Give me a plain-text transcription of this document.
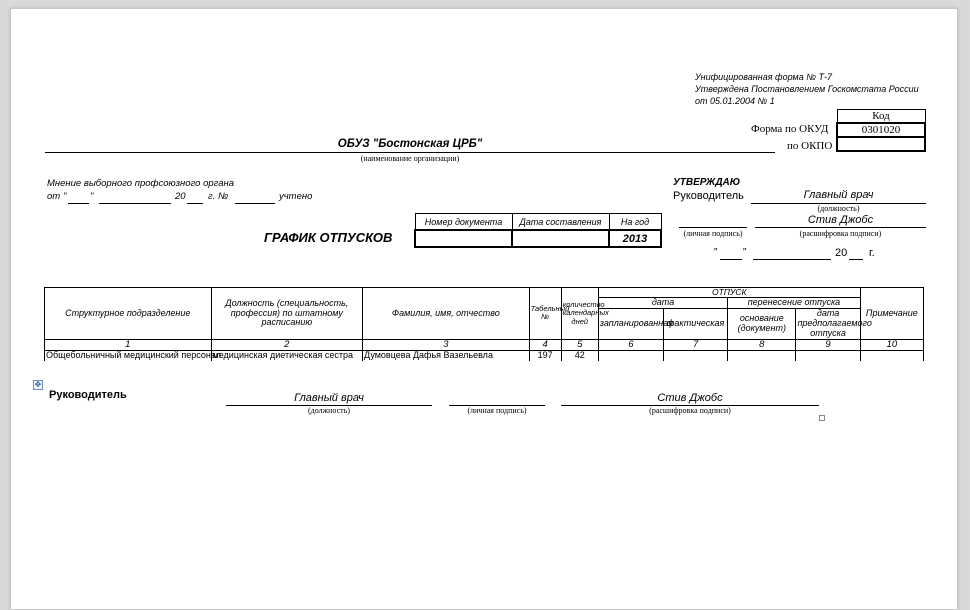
Унифицированная форма № Т-7
Утверждена Постановлением Госкомстата России
от 05.01.2004 № 1
Код
0301020

Форма по ОКУД
по ОКПО
ОБУЗ "Бостонская ЦРБ"
(наименование организации)
Мнение выборного профсоюзного органа
от " "	20 г. №	учтено
УТВЕРЖДАЮ
Руководитель	Главный врач
(должность)
(личная подпись)
Стив Джобс
(расшифровка подписи)
"	"	20 г.
ГРАФИК ОТПУСКОВ
Номер документа	Дата составления	На год
		2013
Структурное подразделение	Должность (специальность, профессия) по штатному расписанию	Фамилия, имя, отчество	Табельный №	количество календарных дней	ОТПУСК				Примечание
					дата		перенесение отпуска		
					запланированная	фактическая	основание (документ)	дата предполагаемого отпуска	
1	2	3	4	5	6	7	8	9	10
Общебольничный медицинский персонал	медицинская диетическая сестра	Думовцева Дафья Вазельевла	197	42					
✥
Руководитель	Главный врач
(должность)	(личная подпись)
Стив Джобс
(расшифровка подписи)
